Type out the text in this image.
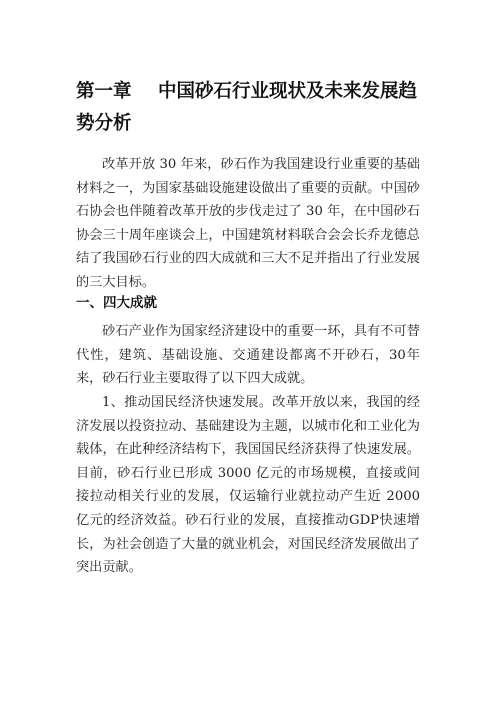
第一章 中国砂石行业现状及未来发展趋势分析

改革开放 30 年来，砂石作为我国建设行业重要的基础材料之一，为国家基础设施建设做出了重要的贡献。中国砂石协会也伴随着改革开放的步伐走过了 30 年，在中国砂石协会三十周年座谈会上，中国建筑材料联合会会长乔龙德总结了我国砂石行业的四大成就和三大不足并指出了行业发展的三大目标。

一、四大成就

砂石产业作为国家经济建设中的重要一环，具有不可替代性，建筑、基础设施、交通建设都离不开砂石，30年来，砂石行业主要取得了以下四大成就。

1、推动国民经济快速发展。改革开放以来，我国的经济发展以投资拉动、基础建设为主题，以城市化和工业化为载体，在此种经济结构下，我国国民经济获得了快速发展。目前，砂石行业已形成 3000 亿元的市场规模，直接或间接拉动相关行业的发展，仅运输行业就拉动产生近 2000 亿元的经济效益。砂石行业的发展，直接推动GDP快速增长，为社会创造了大量的就业机会，对国民经济发展做出了突出贡献。
